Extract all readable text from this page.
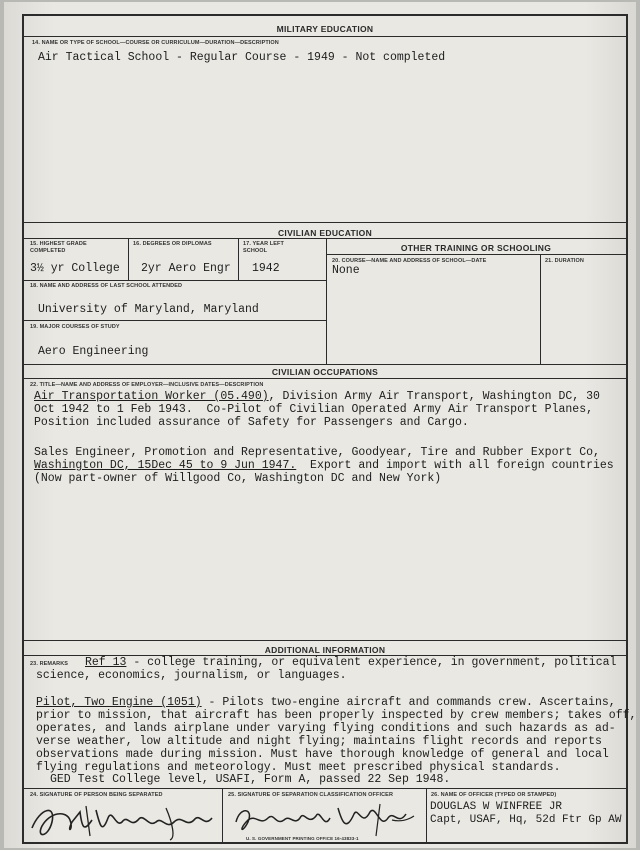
MILITARY EDUCATION
14. NAME OR TYPE OF SCHOOL—COURSE OR CURRICULUM—DURATION—DESCRIPTION
Air Tactical School - Regular Course - 1949 - Not completed
CIVILIAN EDUCATION
15. HIGHEST GRADE COMPLETED
3½ yr College
16. DEGREES OR DIPLOMAS
2yr Aero Engr
17. YEAR LEFT SCHOOL
1942
18. NAME AND ADDRESS OF LAST SCHOOL ATTENDED
University of Maryland, Maryland
19. MAJOR COURSES OF STUDY
Aero Engineering
OTHER TRAINING OR SCHOOLING
20. COURSE—NAME AND ADDRESS OF SCHOOL—DATE
None
21. DURATION
CIVILIAN OCCUPATIONS
22. TITLE—NAME AND ADDRESS OF EMPLOYER—INCLUSIVE DATES—DESCRIPTION
Air Transportation Worker (05.490), Division Army Air Transport, Washington DC, 30
Oct 1942 to 1 Feb 1943.  Co-Pilot of Civilian Operated Army Air Transport Planes,
Position included assurance of Safety for Passengers and Cargo.
Sales Engineer, Promotion and Representative, Goodyear, Tire and Rubber Export Co,
Washington DC, 15Dec 45 to 9 Jun 1947.  Export and import with all foreign countries
(Now part-owner of Willgood Co, Washington DC and New York)
ADDITIONAL INFORMATION
23. REMARKS Ref 13 - college training, or equivalent experience, in government, political
science, economics, journalism, or languages.
Pilot, Two Engine (1051) - Pilots two-engine aircraft and commands crew. Ascertains,
prior to mission, that aircraft has been properly inspected by crew members; takes off,
operates, and lands airplane under varying flying conditions and such hazards as ad-
verse weather, low altitude and night flying; maintains flight records and reports
observations made during mission. Must have thorough knowledge of general and local
flying regulations and meteorology. Must meet prescribed physical standards.
GED Test College level, USAFI, Form A, passed 22 Sep 1948.
24. SIGNATURE OF PERSON BEING SEPARATED	25. SIGNATURE OF SEPARATION CLASSIFICATION OFFICER	26. NAME OF OFFICER (TYPED OR STAMPED)
DOUGLAS W WINFREE JR
Capt, USAF, Hq, 52d Ftr Gp AW
U. S. GOVERNMENT PRINTING OFFICE 16-43833-1
